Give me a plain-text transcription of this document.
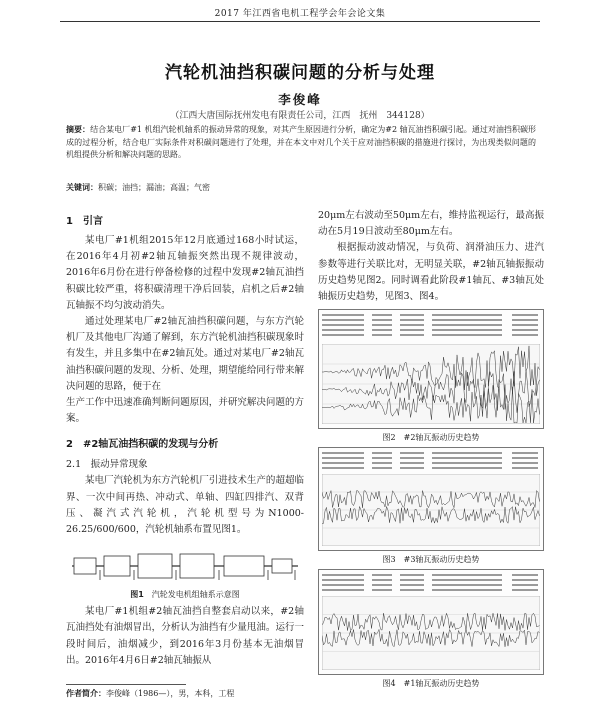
2017 年江西省电机工程学会年会论文集
汽轮机油挡积碳问题的分析与处理
李俊峰
（江西大唐国际抚州发电有限责任公司，江西　抚州　344128）
摘要：结合某电厂#1 机组汽轮机轴系的振动异常的现象，对其产生原因进行分析，确定为#2 轴瓦油挡积碳引起。通过对油挡积碳形成的过程分析，结合电厂实际条件对积碳问题进行了处理，并在本文中对几个关于应对油挡积碳的措施进行探讨，为出现类似问题的机组提供分析和解决问题的思路。
关键词：积碳；油挡；漏油；高温；气密
1　引言

某电厂#1机组2015年12月底通过168小时试运，在2016年4月初#2轴瓦轴振突然出现不规律波动，2016年6月份在进行停备检修的过程中发现#2轴瓦油挡积碳比较严重，将积碳清理干净后回装，启机之后#2轴瓦轴振不均匀波动消失。

通过处理某电厂#2轴瓦油挡积碳问题，与东方汽轮机厂及其他电厂沟通了解到，东方汽轮机油挡积碳现象时有发生，并且多集中在#2轴瓦处。通过对某电厂#2轴瓦油挡积碳问题的发现、分析、处理，期望能给同行带来解决问题的思路，便于在

生产工作中迅速准确判断问题原因，并研究解决问题的方案。

2　#2轴瓦油挡积碳的发现与分析
2.1　振动异常现象

某电厂汽轮机为东方汽轮机厂引进技术生产的超超临界、一次中间再热、冲动式、单轴、四缸四排汽、双背压、凝汽式汽轮机，汽轮机型号为N1000-26.25/600/600，汽轮机轴系布置见图1。

图1　 汽轮发电机组轴系示意图

某电厂#1机组#2轴瓦油挡自整套启动以来，#2轴瓦油挡处有油烟冒出，分析认为油挡有少量甩油。运行一段时间后，油烟减少，到2016年3月份基本无油烟冒出。2016年4月6日#2轴瓦轴振从

20μm左右波动至50μm左右，维持监视运行，最高振动在5月19日波动至80μm左右。

根据振动波动情况，与负荷、润滑油压力、进汽参数等进行关联比对，无明显关联，#2轴瓦轴振振动历史趋势见图2。同时调看此阶段#1轴瓦、#3轴瓦处轴振历史趋势，见图3、图4。

图2　 #2轴瓦振动历史趋势
图3　 #3轴瓦振动历史趋势
图4　 #1轴瓦振动历史趋势
作者简介：李俊峰（1986—），男，本科，工程
